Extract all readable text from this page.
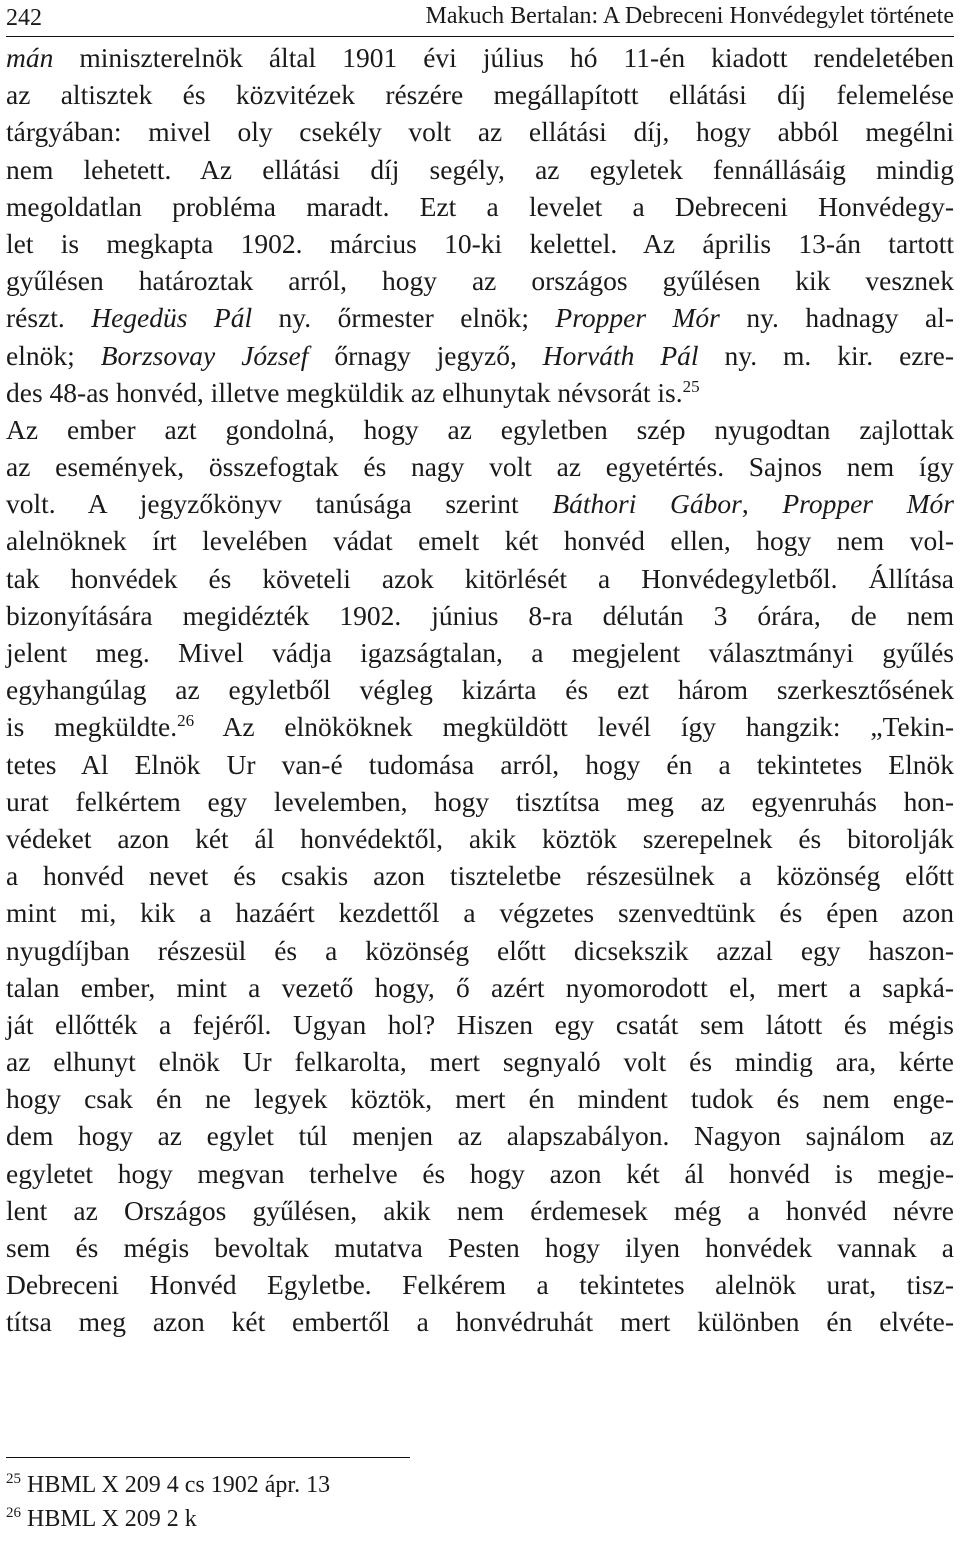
242	Makuch Bertalan: A Debreceni Honvédegylet története
mán miniszterelnök által 1901 évi július hó 11-én kiadott rendeletében
az altisztek és közvitézek részére megállapított ellátási díj felemelése
tárgyában: mivel oly csekély volt az ellátási díj, hogy abból megélni
nem lehetett. Az ellátási díj segély, az egyletek fennállásáig mindig
megoldatlan probléma maradt. Ezt a levelet a Debreceni Honvédegy-
let is megkapta 1902. március 10-ki kelettel. Az április 13-án tartott
gyűlésen határoztak arról, hogy az országos gyűlésen kik vesznek
részt. Hegedüs Pál ny. őrmester elnök; Propper Mór ny. hadnagy al-
elnök; Borzsovay József őrnagy jegyző, Horváth Pál ny. m. kir. ezre-
des 48-as honvéd, illetve megküldik az elhunytak névsorát is.$^{25}$
Az ember azt gondolná, hogy az egyletben szép nyugodtan zajlottak
az események, összefogtak és nagy volt az egyetértés. Sajnos nem így
volt. A jegyzőkönyv tanúsága szerint Báthori Gábor, Propper Mór
alelnöknek írt levelében vádat emelt két honvéd ellen, hogy nem vol-
tak honvédek és követeli azok kitörlését a Honvédegyletből. Állítása
bizonyítására megidézték 1902. június 8-ra délután 3 órára, de nem
jelent meg. Mivel vádja igazságtalan, a megjelent választmányi gyűlés
egyhangúlag az egyletből végleg kizárta és ezt három szerkesztősének
is megküldte.$^{26}$ Az elnököknek megküldött levél így hangzik: „Tekin-
tetes Al Elnök Ur van-é tudomása arról, hogy én a tekintetes Elnök
urat felkértem egy levelemben, hogy tisztítsa meg az egyenruhás hon-
védeket azon két ál honvédektől, akik köztök szerepelnek és bitorolják
a honvéd nevet és csakis azon tiszteletbe részesülnek a közönség előtt
mint mi, kik a hazáért kezdettől a végzetes szenvedtünk és épen azon
nyugdíjban részesül és a közönség előtt dicsekszik azzal egy haszon-
talan ember, mint a vezető hogy, ő azért nyomorodott el, mert a sapká-
ját ellőtték a fejéről. Ugyan hol? Hiszen egy csatát sem látott és mégis
az elhunyt elnök Ur felkarolta, mert segnyaló volt és mindig ara, kérte
hogy csak én ne legyek köztök, mert én mindent tudok és nem enge-
dem hogy az egylet túl menjen az alapszabályon. Nagyon sajnálom az
egyletet hogy megvan terhelve és hogy azon két ál honvéd is megje-
lent az Országos gyűlésen, akik nem érdemesek még a honvéd névre
sem és mégis bevoltak mutatva Pesten hogy ilyen honvédek vannak a
Debreceni Honvéd Egyletbe. Felkérem a tekintetes alelnök urat, tisz-
títsa meg azon két embertől a honvédruhát mert különben én elvéte-
$^{25}$ HBML X 209 4 cs 1902 ápr. 13
$^{26}$ HBML X 209 2 k
